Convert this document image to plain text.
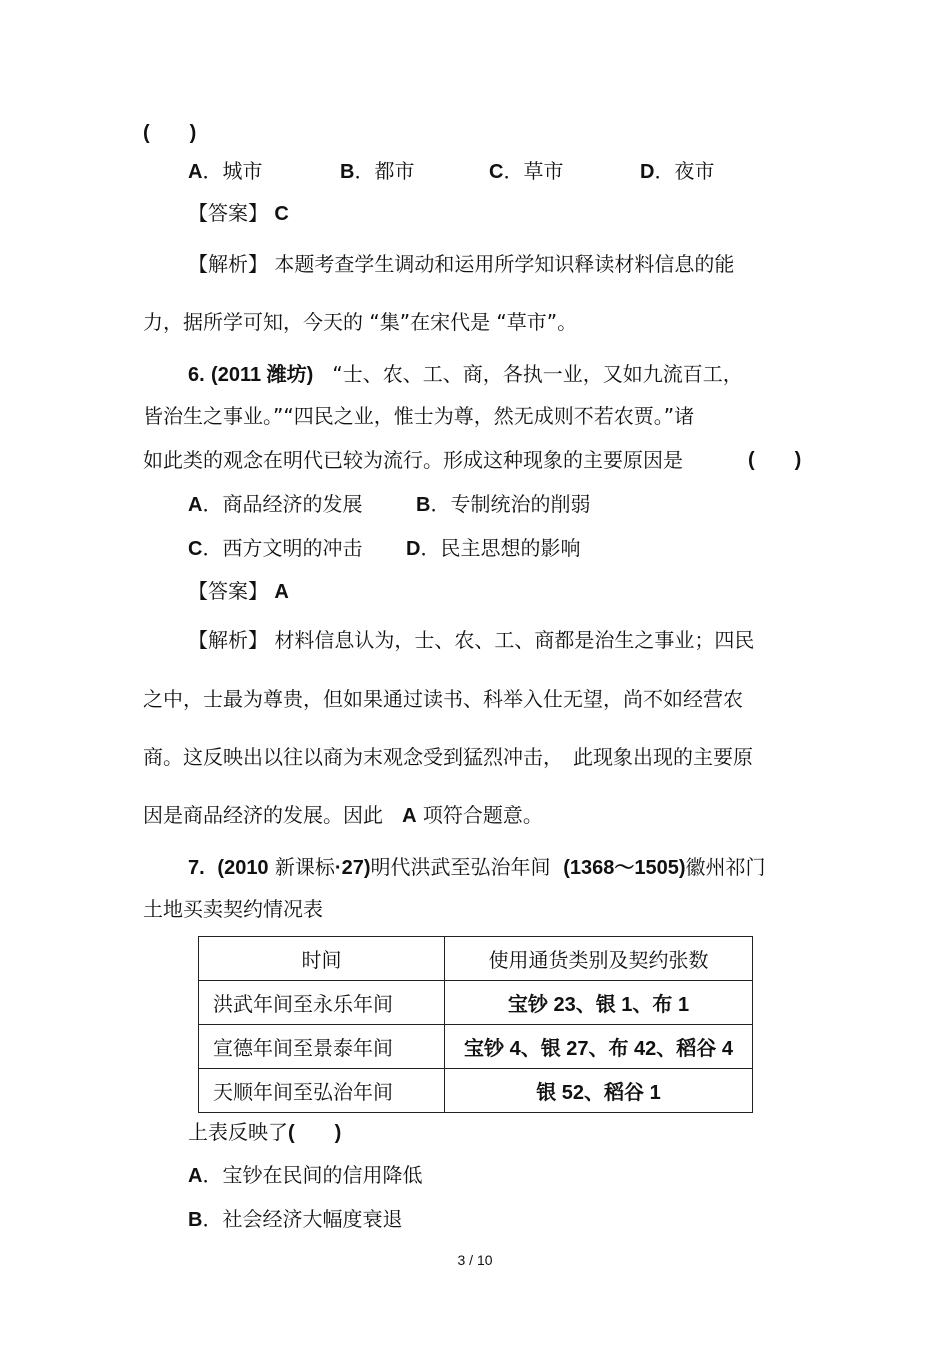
(　　)
A．城市	B．都市	C．草市	D．夜市
【答案】 C
【解析】 本题考查学生调动和运用所学知识释读材料信息的能
力，据所学可知，今天的 “集”在宋代是 “草市”。
6. (2011 潍坊) “士、农、工、商，各执一业，又如九流百工，
皆治生之事业。”“四民之业，惟士为尊，然无成则不若农贾。”诸
如此类的观念在明代已较为流行。形成这种现象的主要原因是	(　　)
A．商品经济的发展	B．专制统治的削弱
C．西方文明的冲击 D．民主思想的影响
【答案】 A
【解析】 材料信息认为，士、农、工、商都是治生之事业；四民
之中，士最为尊贵，但如果通过读书、科举入仕无望，尚不如经营农
商。这反映出以往以商为末观念受到猛烈冲击，　此现象出现的主要原
因是商品经济的发展。因此 A 项符合题意。
7. (2010 新课标·27)明代洪武至弘治年间 (1368～1505)徽州祁门
土地买卖契约情况表
时间	使用通货类别及契约张数
洪武年间至永乐年间	宝钞 23、银 1、布 1
宣德年间至景泰年间	宝钞 4、银 27、布 42、稻谷 4
天顺年间至弘治年间	银 52、稻谷 1
上表反映了(　　)
A．宝钞在民间的信用降低
B．社会经济大幅度衰退
3 / 10
